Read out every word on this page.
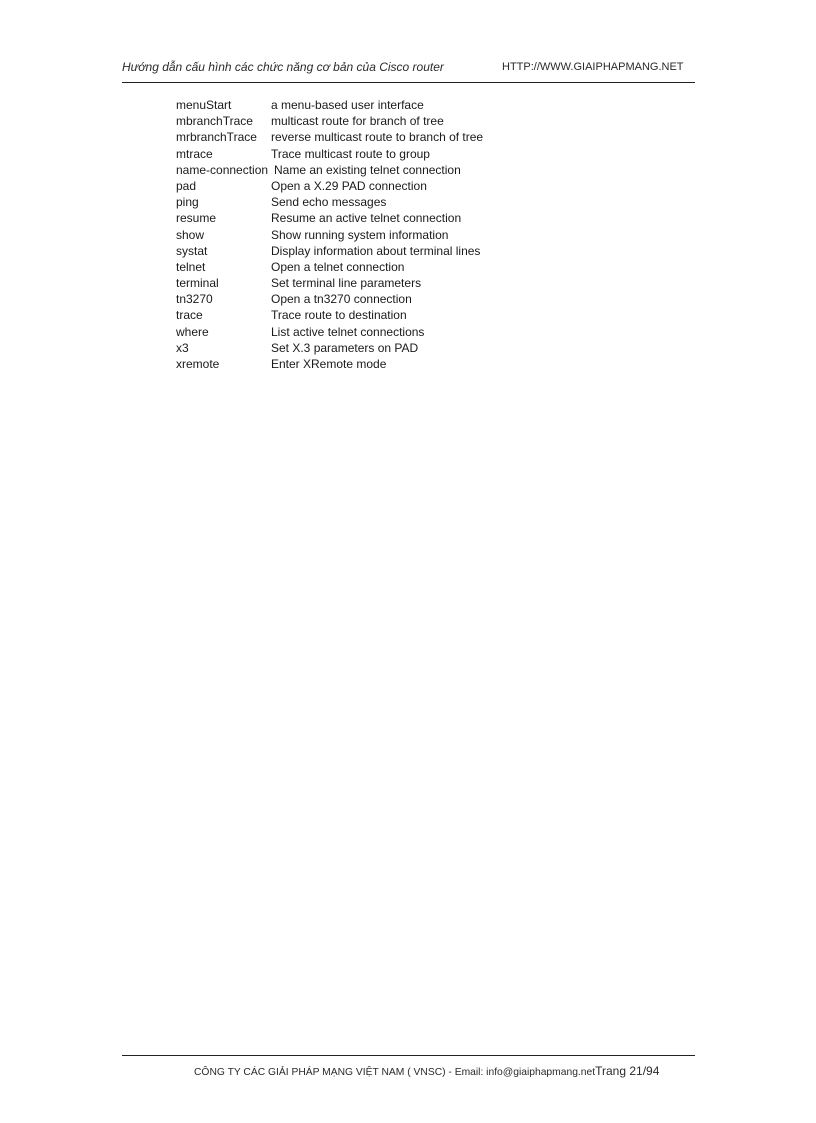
Hướng dẫn cấu hình các chức năng cơ bản của Cisco router	HTTP://WWW.GIAIPHAPMANG.NET
menuStart	a menu-based user interface
mbranchTrace multicast route for branch of tree
mrbranchTrace reverse multicast route to branch of tree
mtrace	Trace multicast route to group
name-connection Name an existing telnet connection
pad	Open a X.29 PAD connection
ping	Send echo messages
resume	Resume an active telnet connection
show	Show running system information
systat	Display information about terminal lines
telnet	Open a telnet connection
terminal	Set terminal line parameters
tn3270	Open a tn3270 connection
trace	Trace route to destination
where	List active telnet connections
x3	Set X.3 parameters on PAD
xremote	Enter XRemote mode
CÔNG TY CÁC GIẢI PHÁP MẠNG VIỆT NAM ( VNSC) - Email: info@giaiphapmang.netTrang 21/94
